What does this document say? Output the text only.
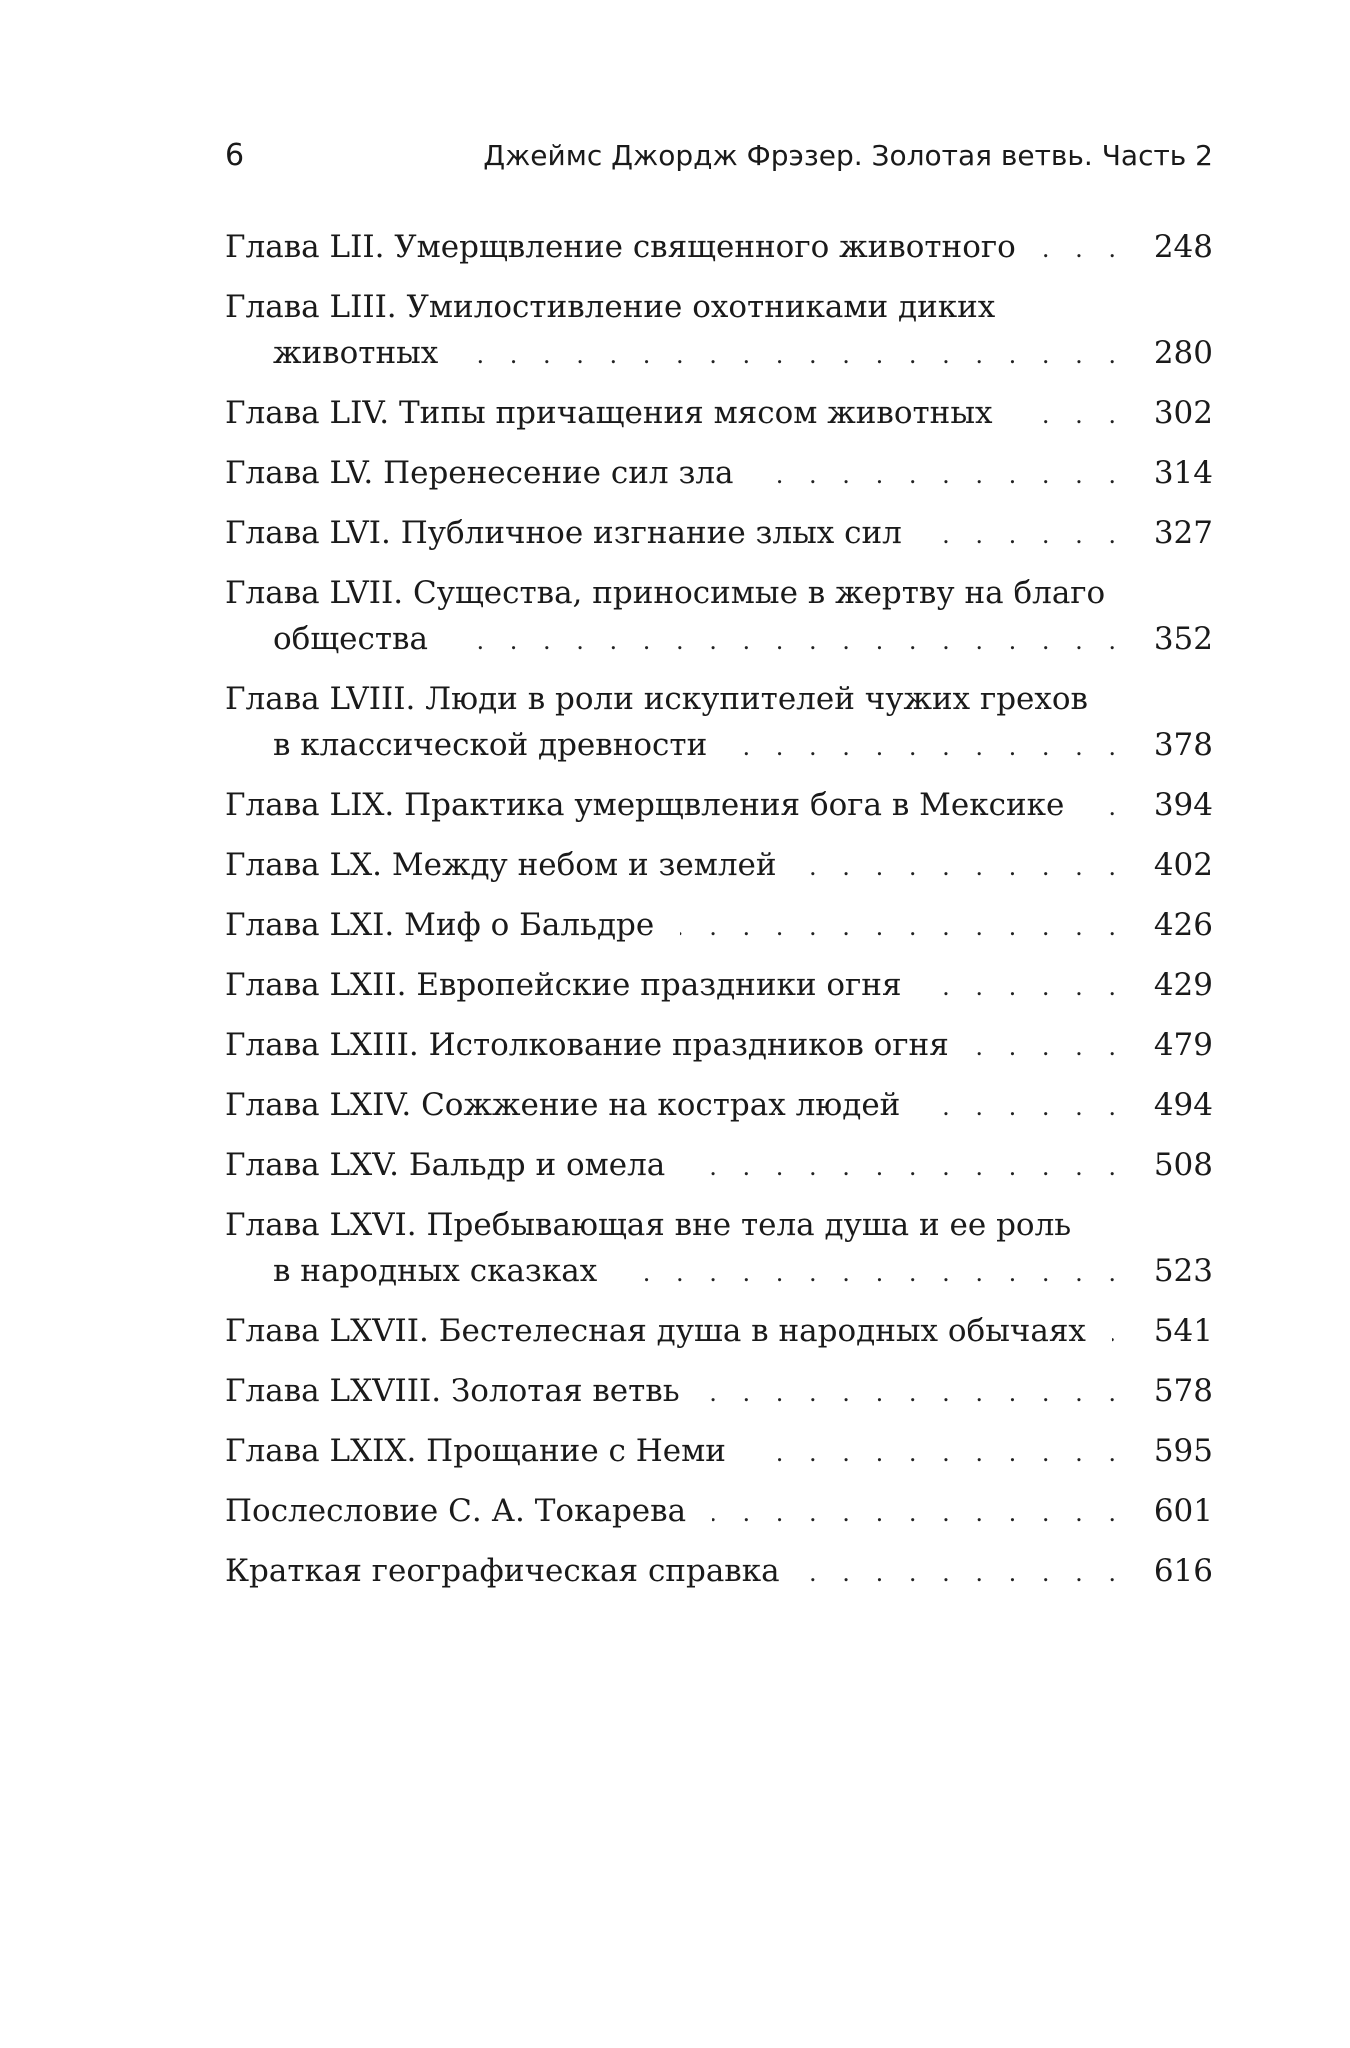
6	Джеймс Джордж Фрэзер. Золотая ветвь. Часть 2
Глава LII. Умерщвление священного животного . . .	248
Глава LIII. Умилостивление охотниками диких
животных . . .	280
Глава LIV. Типы причащения мясом животных . . .	302
Глава LV. Перенесение сил зла . . .	314
Глава LVI. Публичное изгнание злых сил . . .	327
Глава LVII. Существа, приносимые в жертву на благо
общества . . .	352
Глава LVIII. Люди в роли искупителей чужих грехов
в классической древности . . .	378
Глава LIX. Практика умерщвления бога в Мексике . . .	394
Глава LX. Между небом и землей . . .	402
Глава LXI. Миф о Бальдре . . .	426
Глава LXII. Европейские праздники огня . . .	429
Глава LXIII. Истолкование праздников огня . . .	479
Глава LXIV. Сожжение на кострах людей . . .	494
Глава LXV. Бальдр и омела . . .	508
Глава LXVI. Пребывающая вне тела душа и ее роль
в народных сказках . . .	523
Глава LXVII. Бестелесная душа в народных обычаях . . . 541
Глава LXVIII. Золотая ветвь . . .	578
Глава LXIX. Прощание с Неми . . .	595
Послесловие С. А. Токарева . . .	601
Краткая географическая справка . . .	616
